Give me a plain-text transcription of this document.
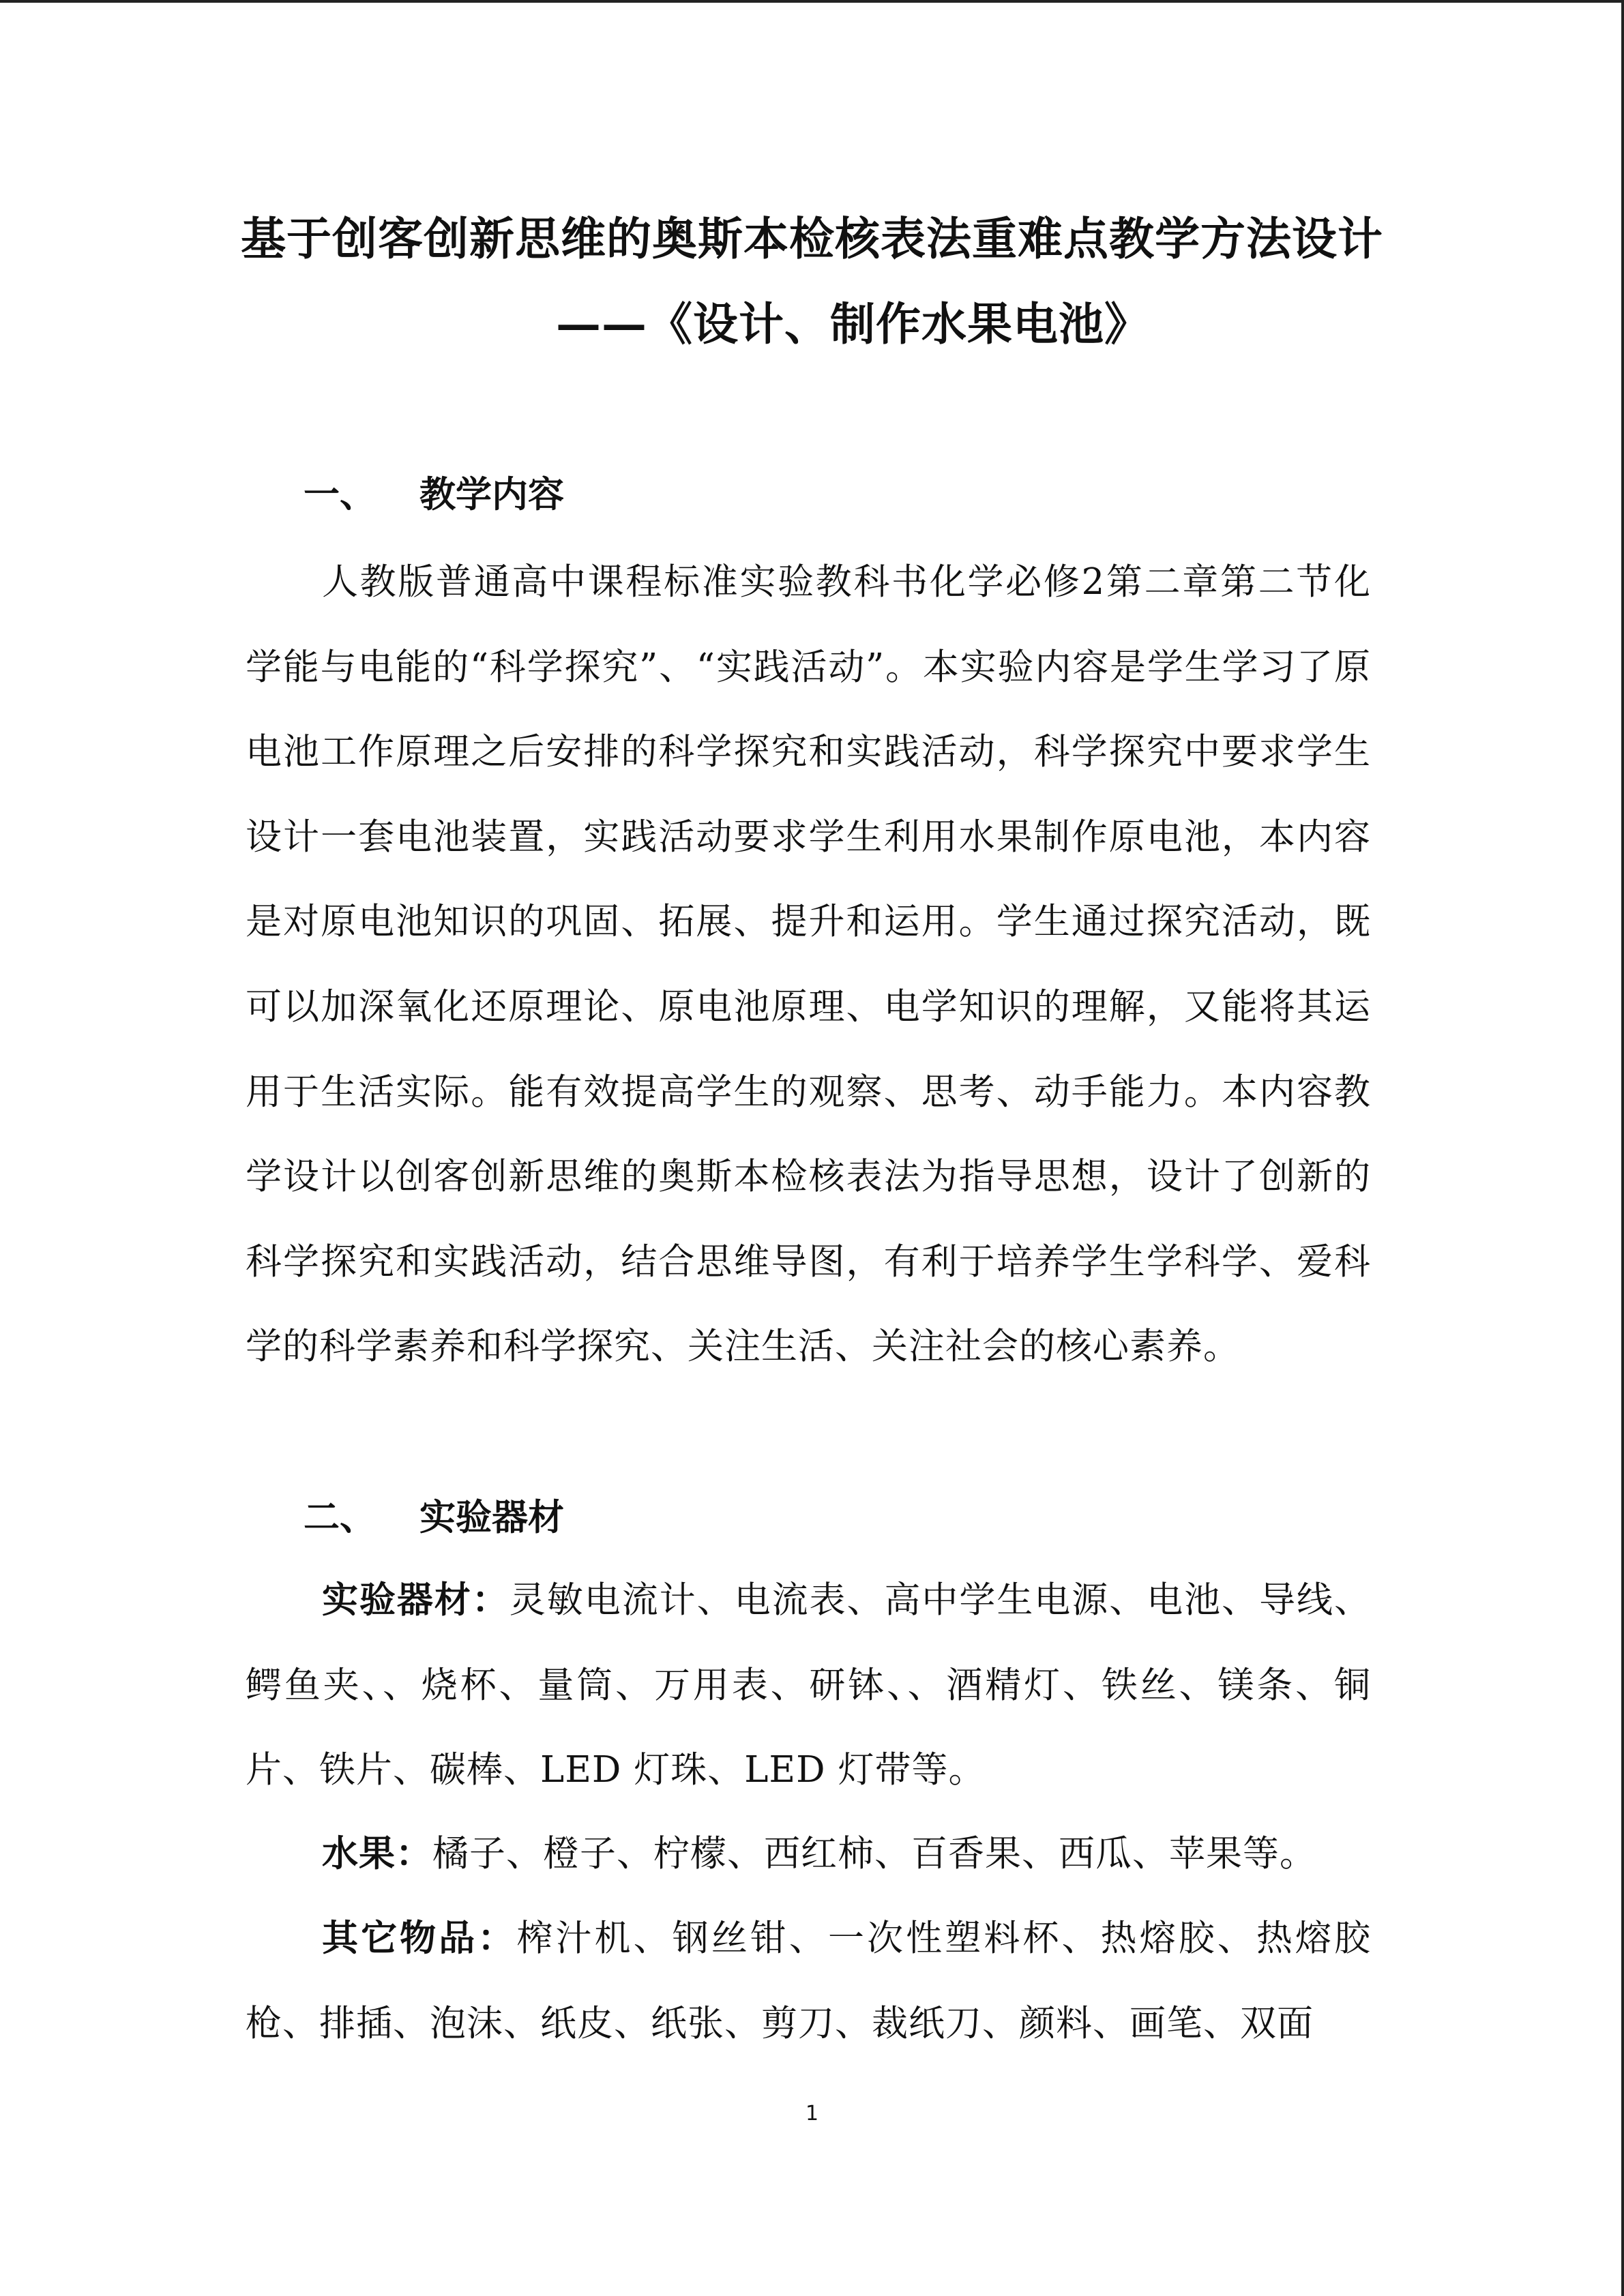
基于创客创新思维的奥斯本检核表法重难点教学方法设计
——《设计、制作水果电池》
一、 教学内容
人教版普通高中课程标准实验教科书化学必修2第二章第二节化学能与电能的“科学探究”、“实践活动”。本实验内容是学生学习了原电池工作原理之后安排的科学探究和实践活动，科学探究中要求学生设计一套电池装置，实践活动要求学生利用水果制作原电池，本内容是对原电池知识的巩固、拓展、提升和运用。学生通过探究活动，既可以加深氧化还原理论、原电池原理、电学知识的理解，又能将其运用于生活实际。能有效提高学生的观察、思考、动手能力。本内容教学设计以创客创新思维的奥斯本检核表法为指导思想，设计了创新的科学探究和实践活动，结合思维导图，有利于培养学生学科学、爱科学的科学素养和科学探究、关注生活、关注社会的核心素养。
二、 实验器材
实验器材：灵敏电流计、电流表、高中学生电源、电池、导线、鳄鱼夹、、烧杯、量筒、万用表、研钵、、酒精灯、铁丝、镁条、铜片、铁片、碳棒、LED 灯珠、LED 灯带等。
水果：橘子、橙子、柠檬、西红柿、百香果、西瓜、苹果等。
其它物品：榨汁机、钢丝钳、一次性塑料杯、热熔胶、热熔胶枪、排插、泡沫、纸皮、纸张、剪刀、裁纸刀、颜料、画笔、双面
1
